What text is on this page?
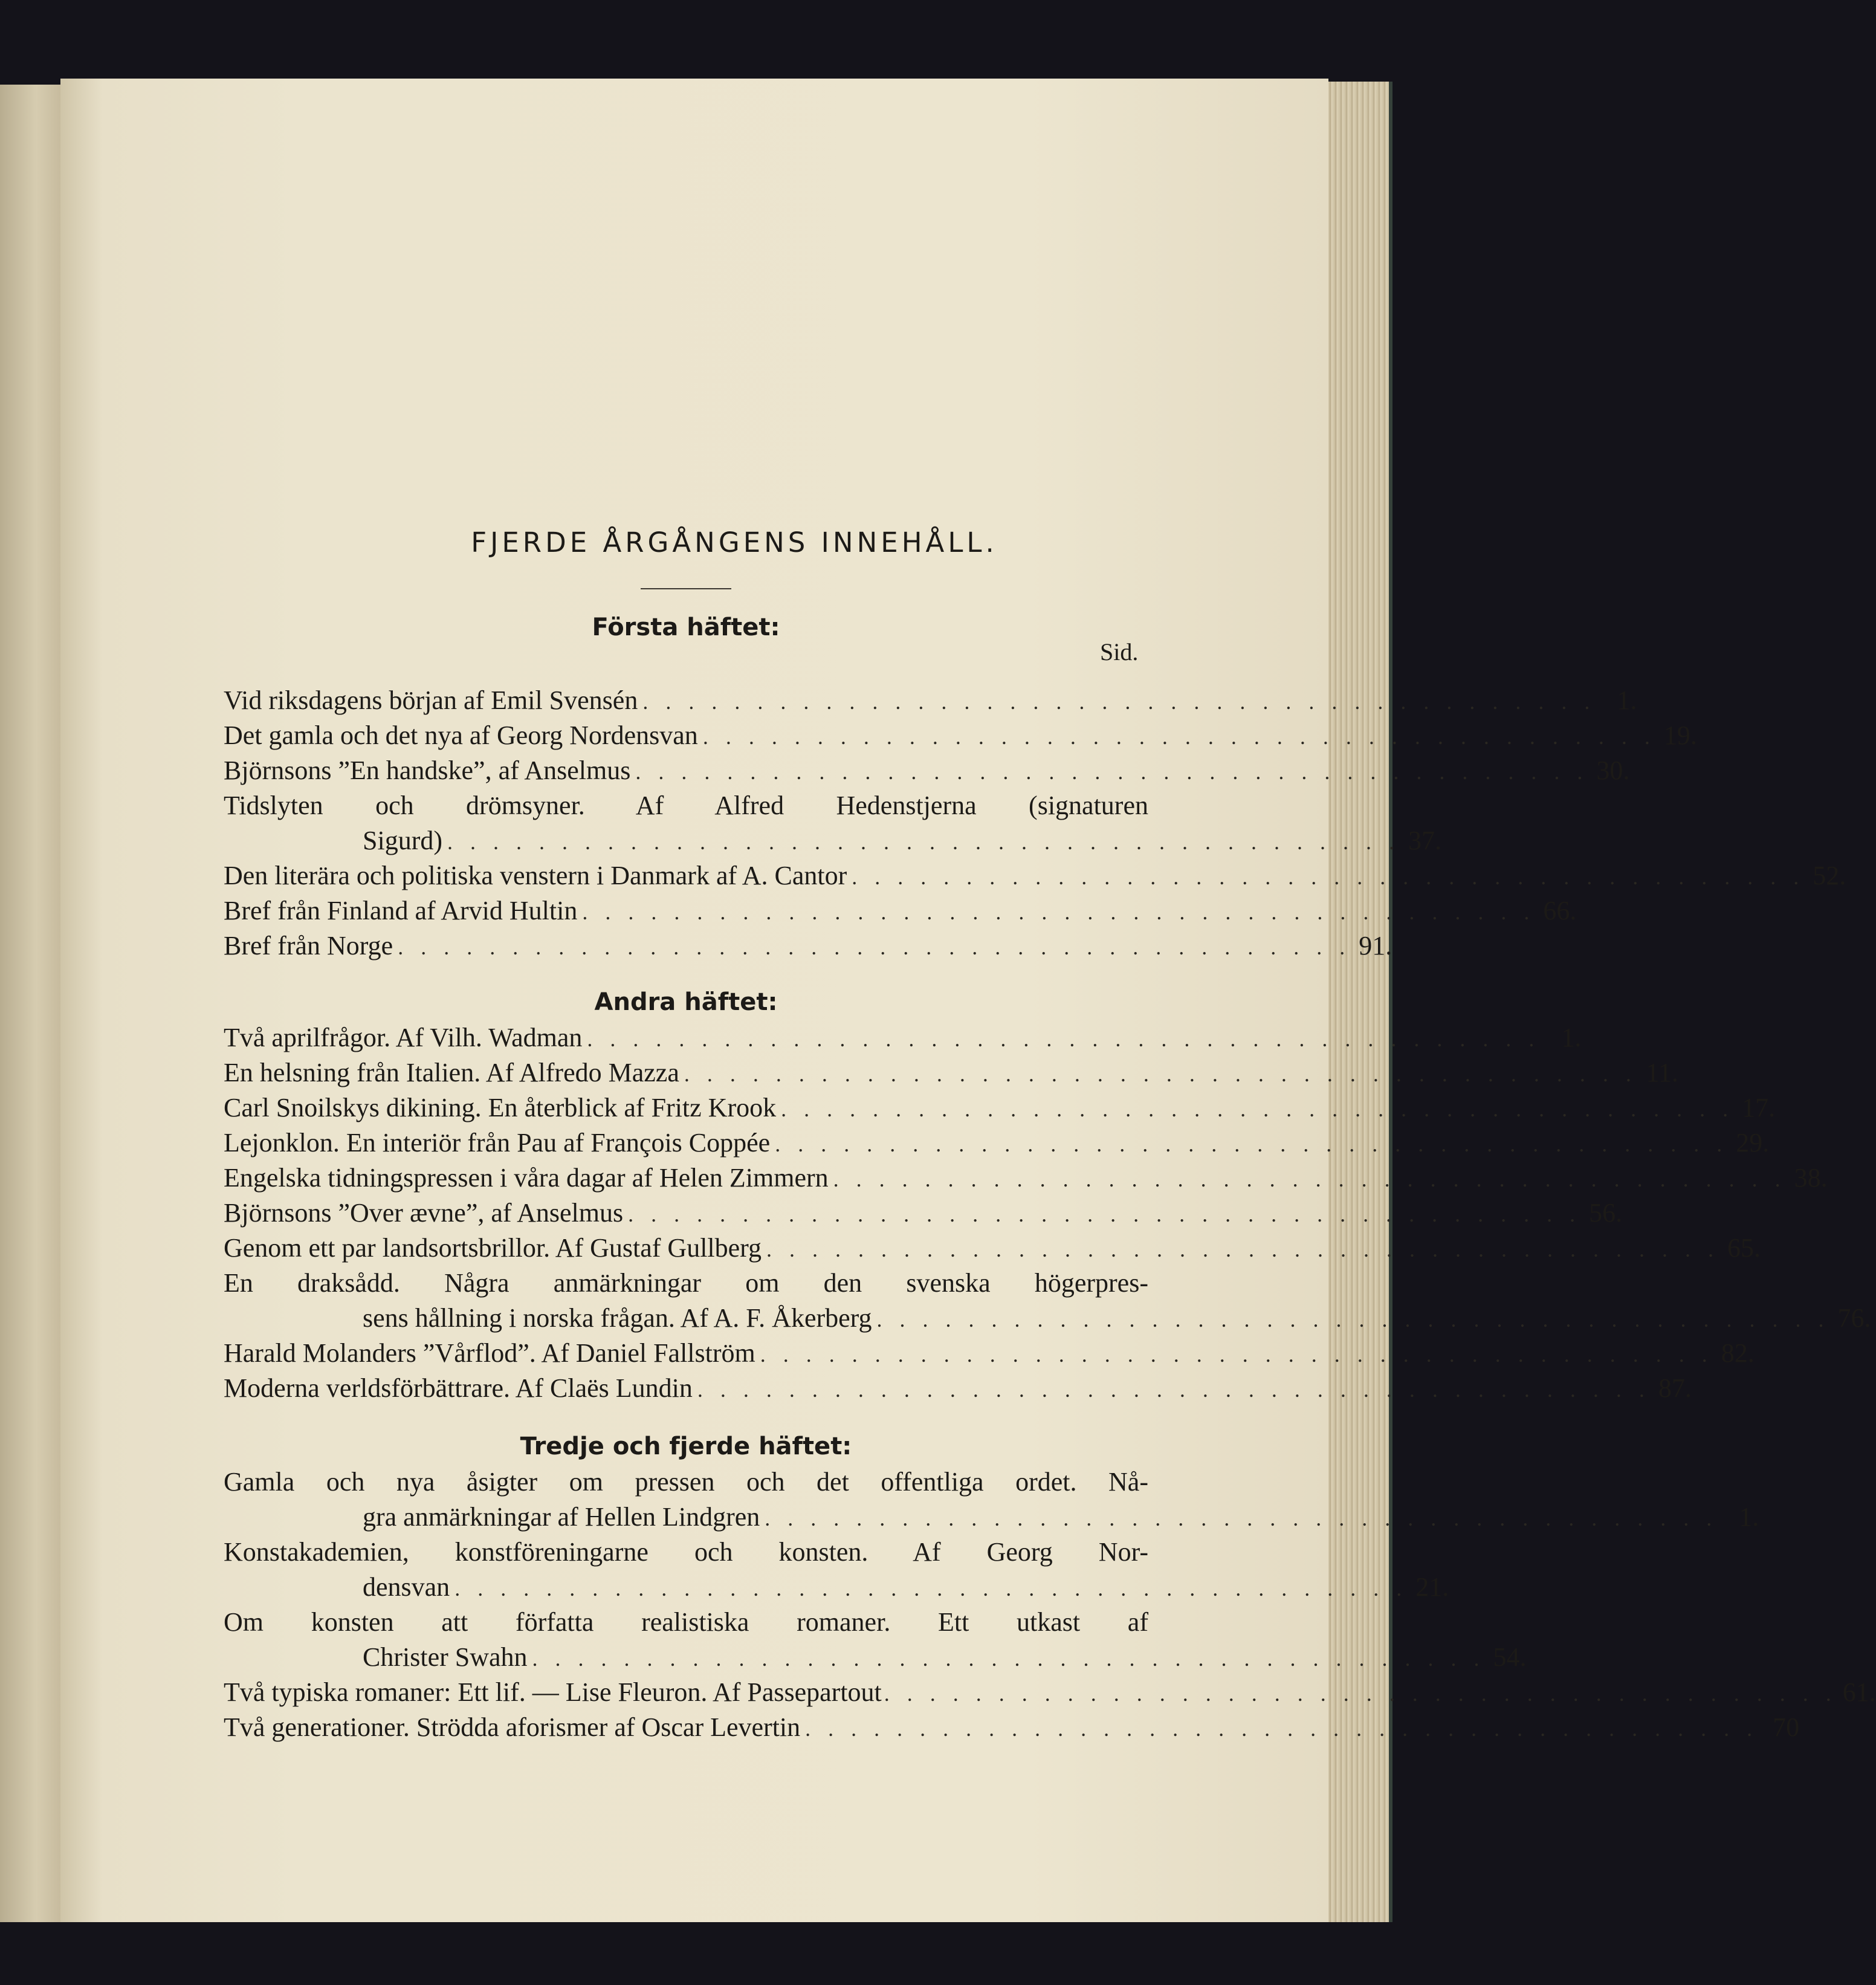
FJERDE ÅRGÅNGENS INNEHÅLL.
Sid.
Första häftet:
Vid riksdagens början af Emil Svensén . . .	1.
Det gamla och det nya af Georg Nordensvan . . .	19.
Björnsons ”En handske”, af Anselmus . . .	30.
Tidslyten och drömsyner. Af Alfred Hedenstjerna (signaturen
Sigurd) . . .	37.
Den literära och politiska venstern i Danmark af A. Cantor . . .	52.
Bref från Finland af Arvid Hultin . . .	66.
Bref från Norge . . .	91.
Andra häftet:
Två aprilfrågor. Af Vilh. Wadman . . .	1.
En helsning från Italien. Af Alfredo Mazza . . .	11.
Carl Snoilskys dikining. En återblick af Fritz Krook . . .	17.
Lejonklon. En interiör från Pau af François Coppée . . .	29.
Engelska tidningspressen i våra dagar af Helen Zimmern . . .	38.
Björnsons ”Over ævne”, af Anselmus . . .	56.
Genom ett par landsortsbrillor. Af Gustaf Gullberg . . .	65.
En draksådd. Några anmärkningar om den svenska högerpres-
sens hållning i norska frågan. Af A. F. Åkerberg . . .	76.
Harald Molanders ”Vårflod”. Af Daniel Fallström . . .	82.
Moderna verldsförbättrare. Af Claës Lundin . . .	87.
Tredje och fjerde häftet:
Gamla och nya åsigter om pressen och det offentliga ordet. Nå-
gra anmärkningar af Hellen Lindgren . . .	1.
Konstakademien, konstföreningarne och konsten. Af Georg Nor-
densvan . . .	21.
Om konsten att författa realistiska romaner. Ett utkast af
Christer Swahn . . .	54.
Två typiska romaner: Ett lif. — Lise Fleuron. Af Passepartout . . .	61.
Två generationer. Strödda aforismer af Oscar Levertin . . .	70
